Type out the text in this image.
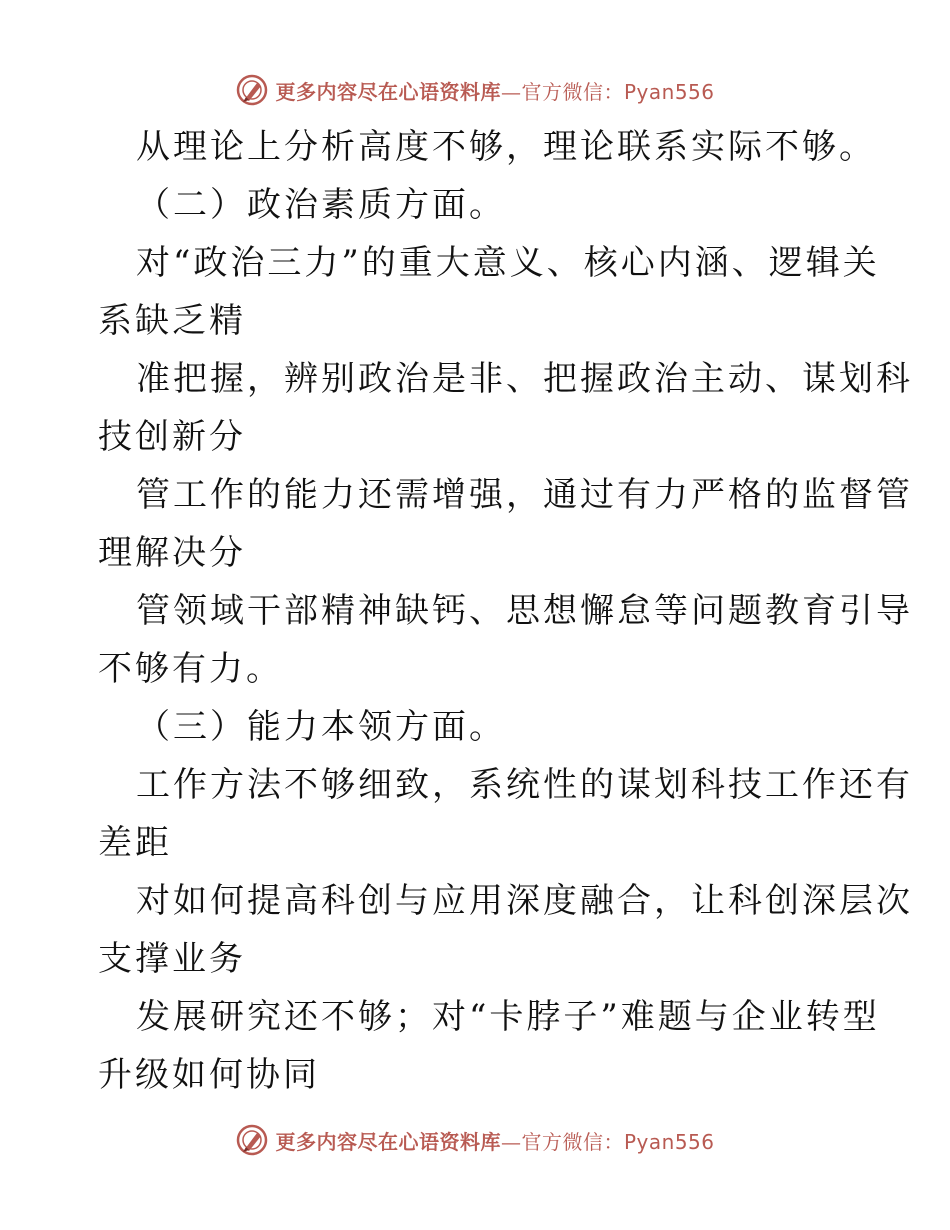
更多内容尽在心语资料库—官方微信：Pyan556
从理论上分析高度不够，理论联系实际不够。
（二）政治素质方面。
对“政治三力”的重大意义、核心内涵、逻辑关
系缺乏精
准把握，辨别政治是非、把握政治主动、谋划科
技创新分
管工作的能力还需增强，通过有力严格的监督管
理解决分
管领域干部精神缺钙、思想懈怠等问题教育引导
不够有力。
（三）能力本领方面。
工作方法不够细致，系统性的谋划科技工作还有
差距
对如何提高科创与应用深度融合，让科创深层次
支撑业务
发展研究还不够；对“卡脖子”难题与企业转型
升级如何协同
更多内容尽在心语资料库—官方微信：Pyan556
